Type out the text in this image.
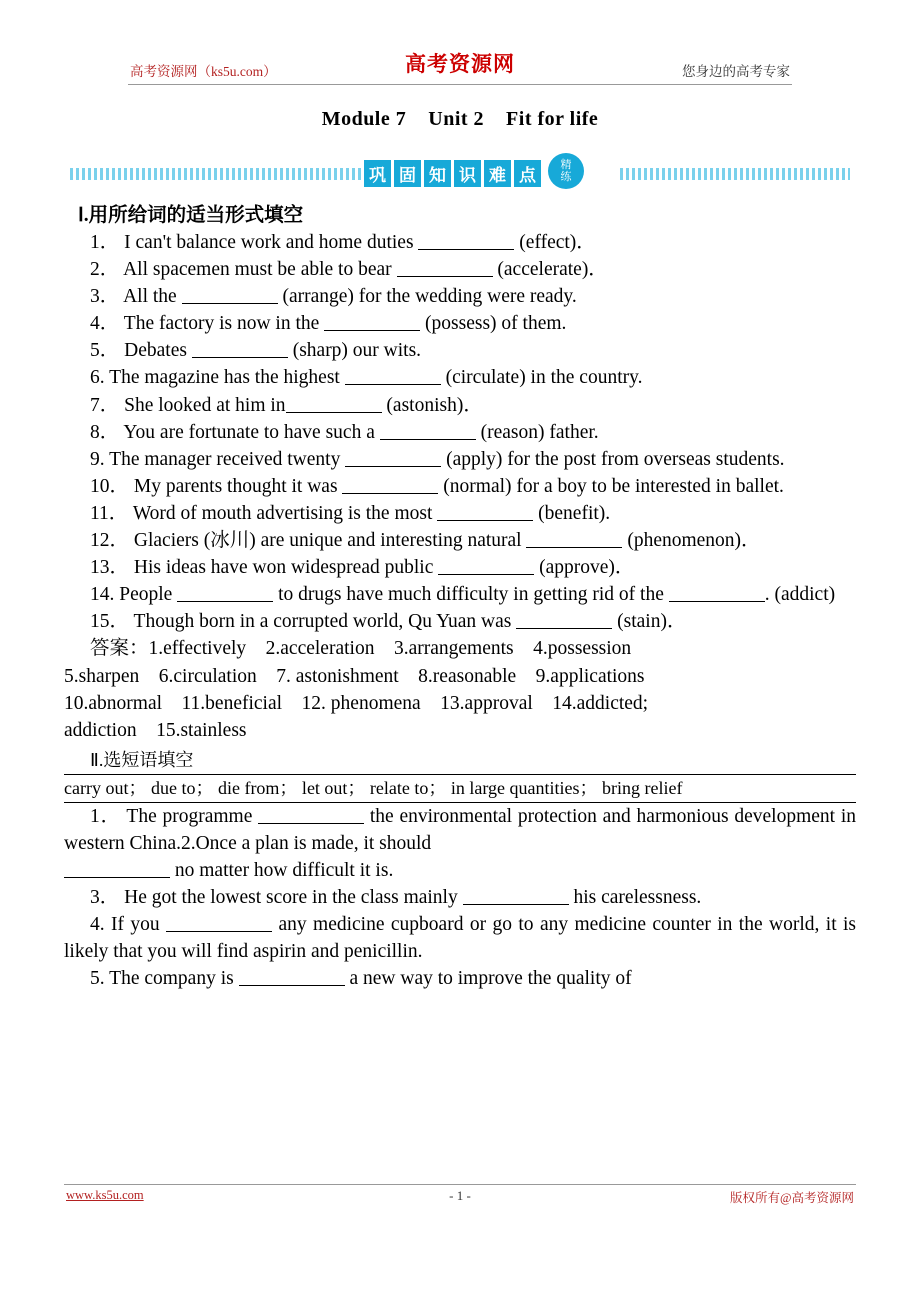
高考资源网（ks5u.com）	高考资源网	您身边的高考专家
Module 7 Unit 2 Fit for life
巩 固 知 识 难 点
精
练
Ⅰ.用所给词的适当形式填空

1． I can't balance work and home duties	(effect)．

2． All spacemen must be able to bear	(accelerate)．

3． All the	(arrange) for the wedding were ready.

4． The factory is now in the	(possess) of them.

5． Debates	(sharp) our wits.

6. The magazine has the highest	(circulate) in the country.

7． She looked at him in	(astonish)．

8． You are fortunate to have such a	(reason) father.

9. The manager received twenty	(apply) for the post from overseas students.

10． My parents thought it was	(normal) for a boy to be interested in ballet.

11． Word of mouth advertising is the most	(benefit).

12． Glaciers (冰川) are unique and interesting natural	(phenomenon)．

13． His ideas have won widespread public	(approve)．

14. People	to drugs have much difficulty in getting rid of the	. (addict)

15． Though born in a corrupted world, Qu Yuan was	(stain)．

答案：1.effectively　2.acceleration　3.arrangements　4.possession

5.sharpen　6.circulation　7. astonishment　8.reasonable　9.applications

10.abnormal　11.beneficial　12. phenomena　13.approval　14.addicted;

addiction　15.stainless

Ⅱ.选短语填空
carry out； due to； die from； let out； relate to； in large quantities； bring relief

1． The programme	the environmental protection and harmonious development in western China.2.Once a plan is made, it should

no matter how difficult it is.

3． He got the lowest score in the class mainly	his carelessness.

4. If you	any medicine cupboard or go to any medicine counter in the world, it is likely that you will find aspirin and penicillin.

5. The company is	a new way to improve the quality of

www.ks5u.com	- 1 -	版权所有@高考资源网
